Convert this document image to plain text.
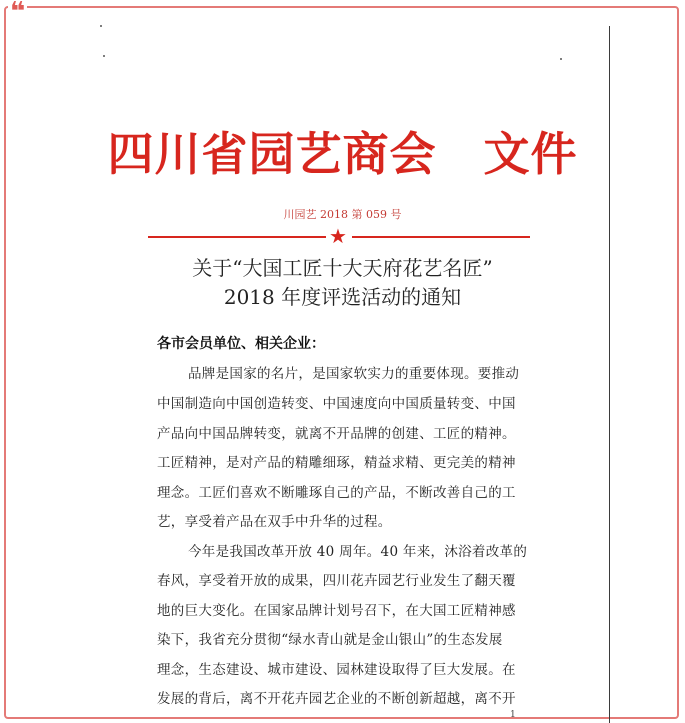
❝
四川省园艺商会　文件
川园艺 2018 第 059 号
★
关于“大国工匠十大天府花艺名匠”
2018 年度评选活动的通知
各市会员单位、相关企业：
品牌是国家的名片，是国家软实力的重要体现。要推动
中国制造向中国创造转变、中国速度向中国质量转变、中国
产品向中国品牌转变，就离不开品牌的创建、工匠的精神。
工匠精神，是对产品的精雕细琢，精益求精、更完美的精神
理念。工匠们喜欢不断雕琢自己的产品，不断改善自己的工
艺，享受着产品在双手中升华的过程。
今年是我国改革开放 40 周年。40 年来，沐浴着改革的
春风，享受着开放的成果，四川花卉园艺行业发生了翻天覆
地的巨大变化。在国家品牌计划号召下，在大国工匠精神感
染下，我省充分贯彻“绿水青山就是金山银山”的生态发展
理念，生态建设、城市建设、园林建设取得了巨大发展。在
发展的背后，离不开花卉园艺企业的不断创新超越，离不开
1
